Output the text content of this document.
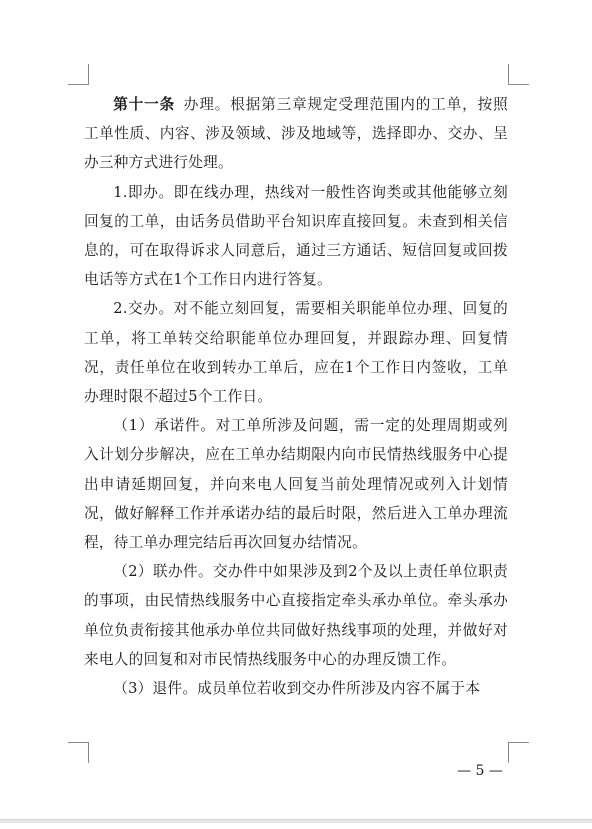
第十一条 办理。根据第三章规定受理范围内的工单，按照工单性质、内容、涉及领域、涉及地域等，选择即办、交办、呈办三种方式进行处理。

1.即办。即在线办理，热线对一般性咨询类或其他能够立刻回复的工单，由话务员借助平台知识库直接回复。未查到相关信息的，可在取得诉求人同意后，通过三方通话、短信回复或回拨电话等方式在1个工作日内进行答复。

2.交办。对不能立刻回复，需要相关职能单位办理、回复的工单，将工单转交给职能单位办理回复，并跟踪办理、回复情况，责任单位在收到转办工单后，应在1个工作日内签收，工单办理时限不超过5个工作日。

（1）承诺件。对工单所涉及问题，需一定的处理周期或列入计划分步解决，应在工单办结期限内向市民情热线服务中心提出申请延期回复，并向来电人回复当前处理情况或列入计划情况，做好解释工作并承诺办结的最后时限，然后进入工单办理流程，待工单办理完结后再次回复办结情况。

（2）联办件。交办件中如果涉及到2个及以上责任单位职责的事项，由民情热线服务中心直接指定牵头承办单位。牵头承办单位负责衔接其他承办单位共同做好热线事项的处理，并做好对来电人的回复和对市民情热线服务中心的办理反馈工作。

（3）退件。成员单位若收到交办件所涉及内容不属于本

— 5 —
